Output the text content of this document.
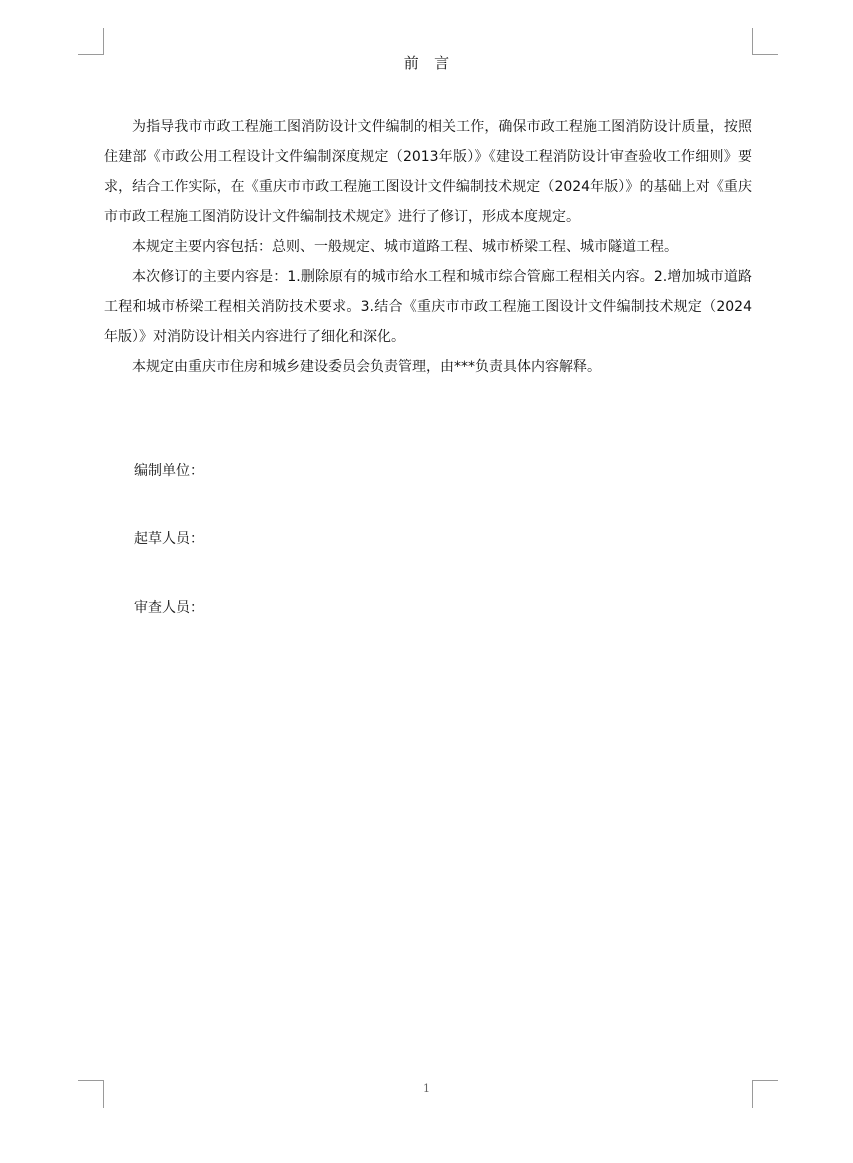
前　言

为指导我市市政工程施工图消防设计文件编制的相关工作，确保市政工程施工图消防设计质量，按照住建部《市政公用工程设计文件编制深度规定（2013年版）》《建设工程消防设计审查验收工作细则》要求，结合工作实际，在《重庆市市政工程施工图设计文件编制技术规定（2024年版）》的基础上对《重庆市市政工程施工图消防设计文件编制技术规定》进行了修订，形成本度规定。

本规定主要内容包括：总则、一般规定、城市道路工程、城市桥梁工程、城市隧道工程。

本次修订的主要内容是：1.删除原有的城市给水工程和城市综合管廊工程相关内容。2.增加城市道路工程和城市桥梁工程相关消防技术要求。3.结合《重庆市市政工程施工图设计文件编制技术规定（2024年版）》对消防设计相关内容进行了细化和深化。

本规定由重庆市住房和城乡建设委员会负责管理，由***负责具体内容解释。

编制单位：
起草人员：
审查人员：
1
